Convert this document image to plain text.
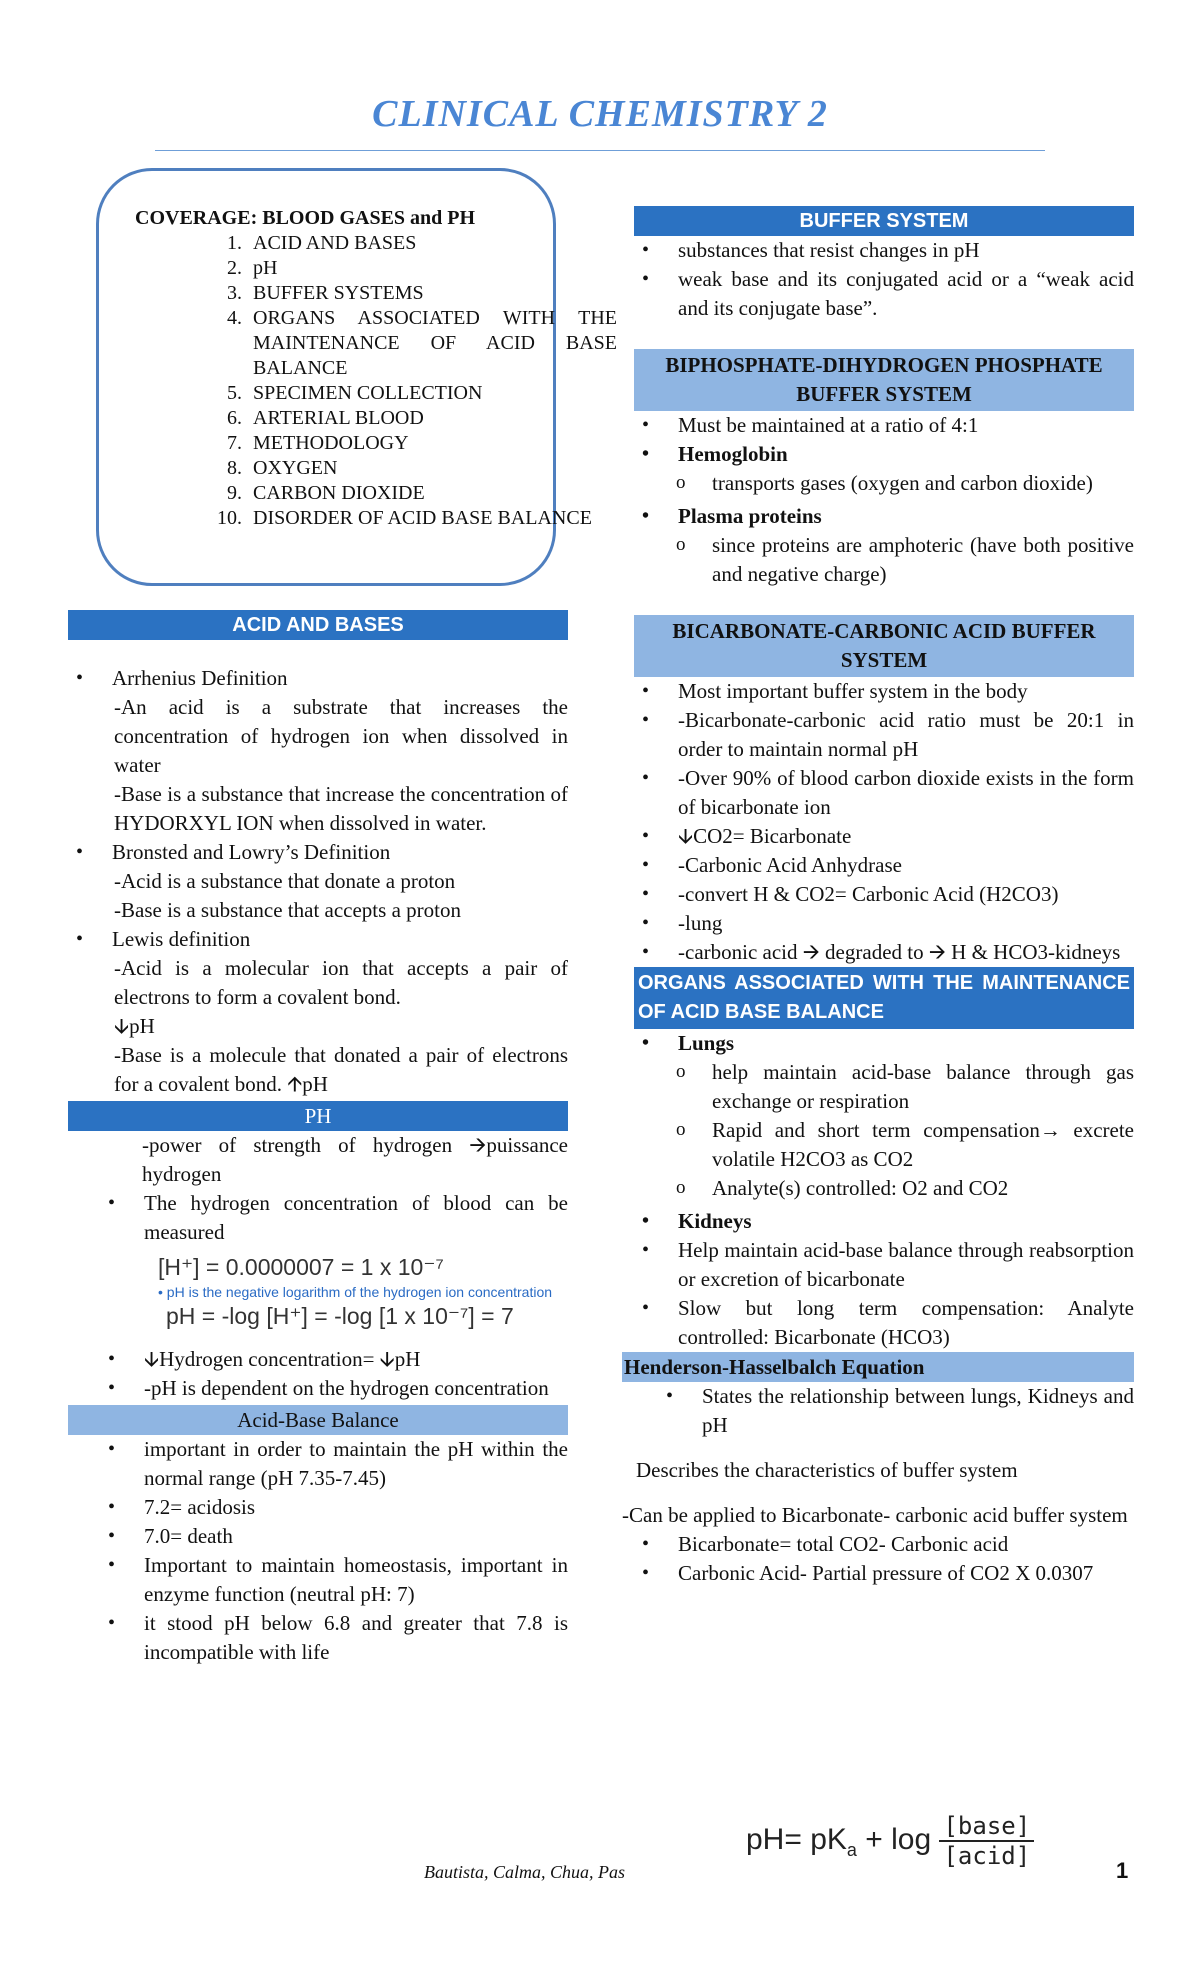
CLINICAL CHEMISTRY 2
COVERAGE: BLOOD GASES and PH
1. ACID AND BASES
2. pH
3. BUFFER SYSTEMS
4. ORGANS ASSOCIATED WITH THE MAINTENANCE OF ACID BASE BALANCE
5. SPECIMEN COLLECTION
6. ARTERIAL BLOOD
7. METHODOLOGY
8. OXYGEN
9. CARBON DIOXIDE
10. DISORDER OF ACID BASE BALANCE
ACID AND BASES
• Arrhenius Definition
-An acid is a substrate that increases the concentration of hydrogen ion when dissolved in water
-Base is a substance that increase the concentration of HYDORXYL ION when dissolved in water.
• Bronsted and Lowry’s Definition
-Acid is a substance that donate a proton
-Base is a substance that accepts a proton
• Lewis definition
-Acid is a molecular ion that accepts a pair of electrons to form a covalent bond.
🡫pH
-Base is a molecule that donated a pair of electrons for a covalent bond. 🡩pH
PH
-power of strength of hydrogen 🡪puissance hydrogen
• The hydrogen concentration of blood can be measured
[H⁺] = 0.0000007 = 1 x 10⁻⁷
• pH is the negative logarithm of the hydrogen ion concentration
pH = -log [H⁺] = -log [1 x 10⁻⁷] = 7
• 🡫Hydrogen concentration= 🡫pH
• -pH is dependent on the hydrogen concentration
Acid-Base Balance
• important in order to maintain the pH within the normal range (pH 7.35-7.45)
• 7.2= acidosis
• 7.0= death
• Important to maintain homeostasis, important in enzyme function (neutral pH: 7)
• it stood pH below 6.8 and greater that 7.8 is incompatible with life
BUFFER SYSTEM
• substances that resist changes in pH
• weak base and its conjugated acid or a “weak acid and its conjugate base”.
BIPHOSPHATE-DIHYDROGEN PHOSPHATE BUFFER SYSTEM
• Must be maintained at a ratio of 4:1
• Hemoglobin
o transports gases (oxygen and carbon dioxide)
• Plasma proteins
o since proteins are amphoteric (have both positive and negative charge)
BICARBONATE-CARBONIC ACID BUFFER SYSTEM
• Most important buffer system in the body
• -Bicarbonate-carbonic acid ratio must be 20:1 in order to maintain normal pH
• -Over 90% of blood carbon dioxide exists in the form of bicarbonate ion
• 🡫CO2= Bicarbonate
• -Carbonic Acid Anhydrase
• -convert H & CO2= Carbonic Acid (H2CO3)
• -lung
• -carbonic acid 🡪 degraded to 🡪 H & HCO3-kidneys
ORGANS ASSOCIATED WITH THE MAINTENANCE OF ACID BASE BALANCE
• Lungs
o help maintain acid-base balance through gas exchange or respiration
o Rapid and short term compensation→ excrete volatile H2CO3 as CO2
o Analyte(s) controlled: O2 and CO2
• Kidneys
• Help maintain acid-base balance through reabsorption or excretion of bicarbonate
• Slow but long term compensation: Analyte controlled: Bicarbonate (HCO3)
Henderson-Hasselbalch Equation
• States the relationship between lungs, Kidneys and pH
Describes the characteristics of buffer system
-Can be applied to Bicarbonate- carbonic acid buffer system
• Bicarbonate= total CO2- Carbonic acid
• Carbonic Acid- Partial pressure of CO2 X 0.0307
$pH= pK_a + \log \frac{\text{[base]}}{\text{[acid]}}$
Bautista, Calma, Chua, Pas	1
